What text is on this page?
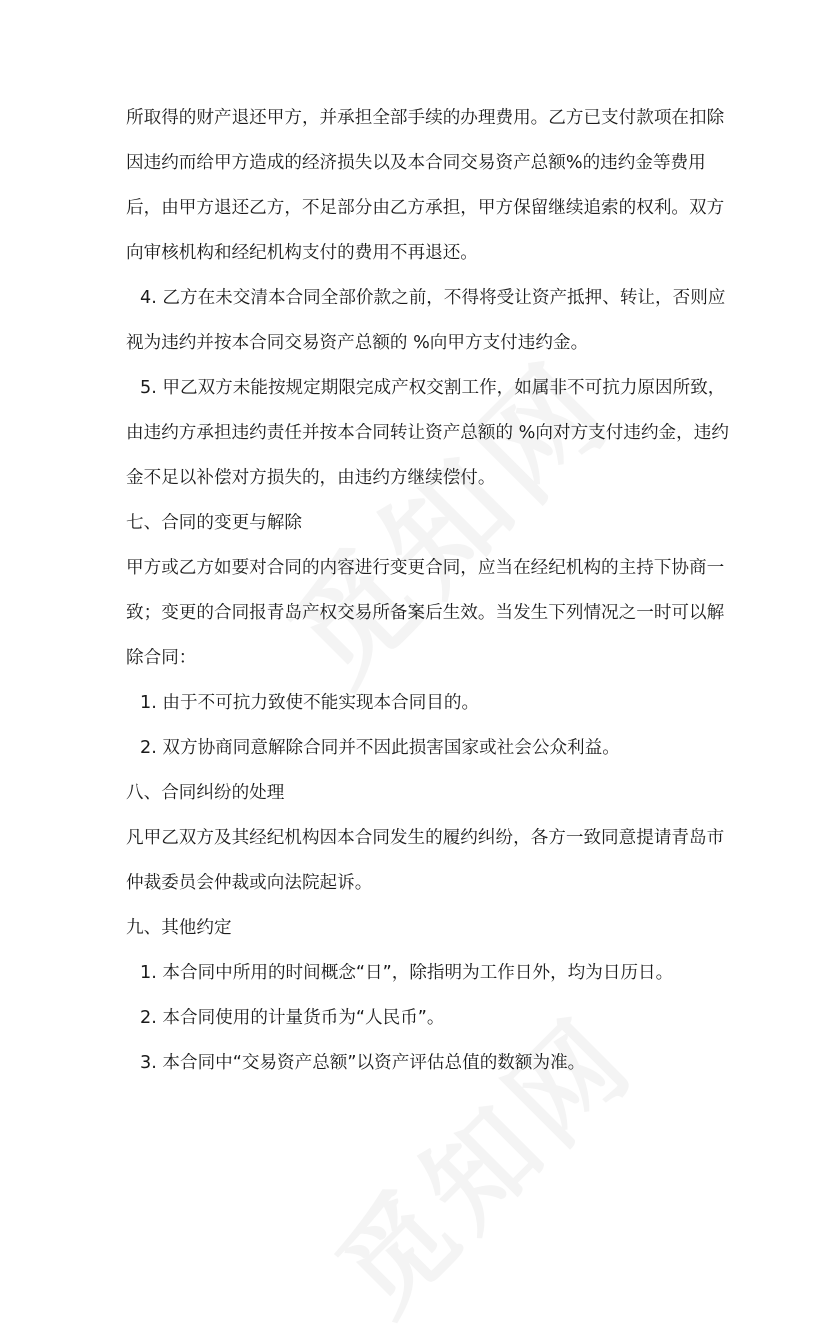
所取得的财产退还甲方，并承担全部手续的办理费用。乙方已支付款项在扣除
因违约而给甲方造成的经济损失以及本合同交易资产总额%的违约金等费用
后，由甲方退还乙方，不足部分由乙方承担，甲方保留继续追索的权利。双方
向审核机构和经纪机构支付的费用不再退还。
4. 乙方在未交清本合同全部价款之前，不得将受让资产抵押、转让，否则应
视为违约并按本合同交易资产总额的 %向甲方支付违约金。
5. 甲乙双方未能按规定期限完成产权交割工作，如属非不可抗力原因所致，
由违约方承担违约责任并按本合同转让资产总额的 %向对方支付违约金，违约
金不足以补偿对方损失的，由违约方继续偿付。
七、合同的变更与解除
甲方或乙方如要对合同的内容进行变更合同，应当在经纪机构的主持下协商一
致；变更的合同报青岛产权交易所备案后生效。当发生下列情况之一时可以解
除合同：
1. 由于不可抗力致使不能实现本合同目的。
2. 双方协商同意解除合同并不因此损害国家或社会公众利益。
八、合同纠纷的处理
凡甲乙双方及其经纪机构因本合同发生的履约纠纷，各方一致同意提请青岛市
仲裁委员会仲裁或向法院起诉。
九、其他约定
1. 本合同中所用的时间概念“日”，除指明为工作日外，均为日历日。
2. 本合同使用的计量货币为“人民币”。
3. 本合同中“交易资产总额”以资产评估总值的数额为准。
